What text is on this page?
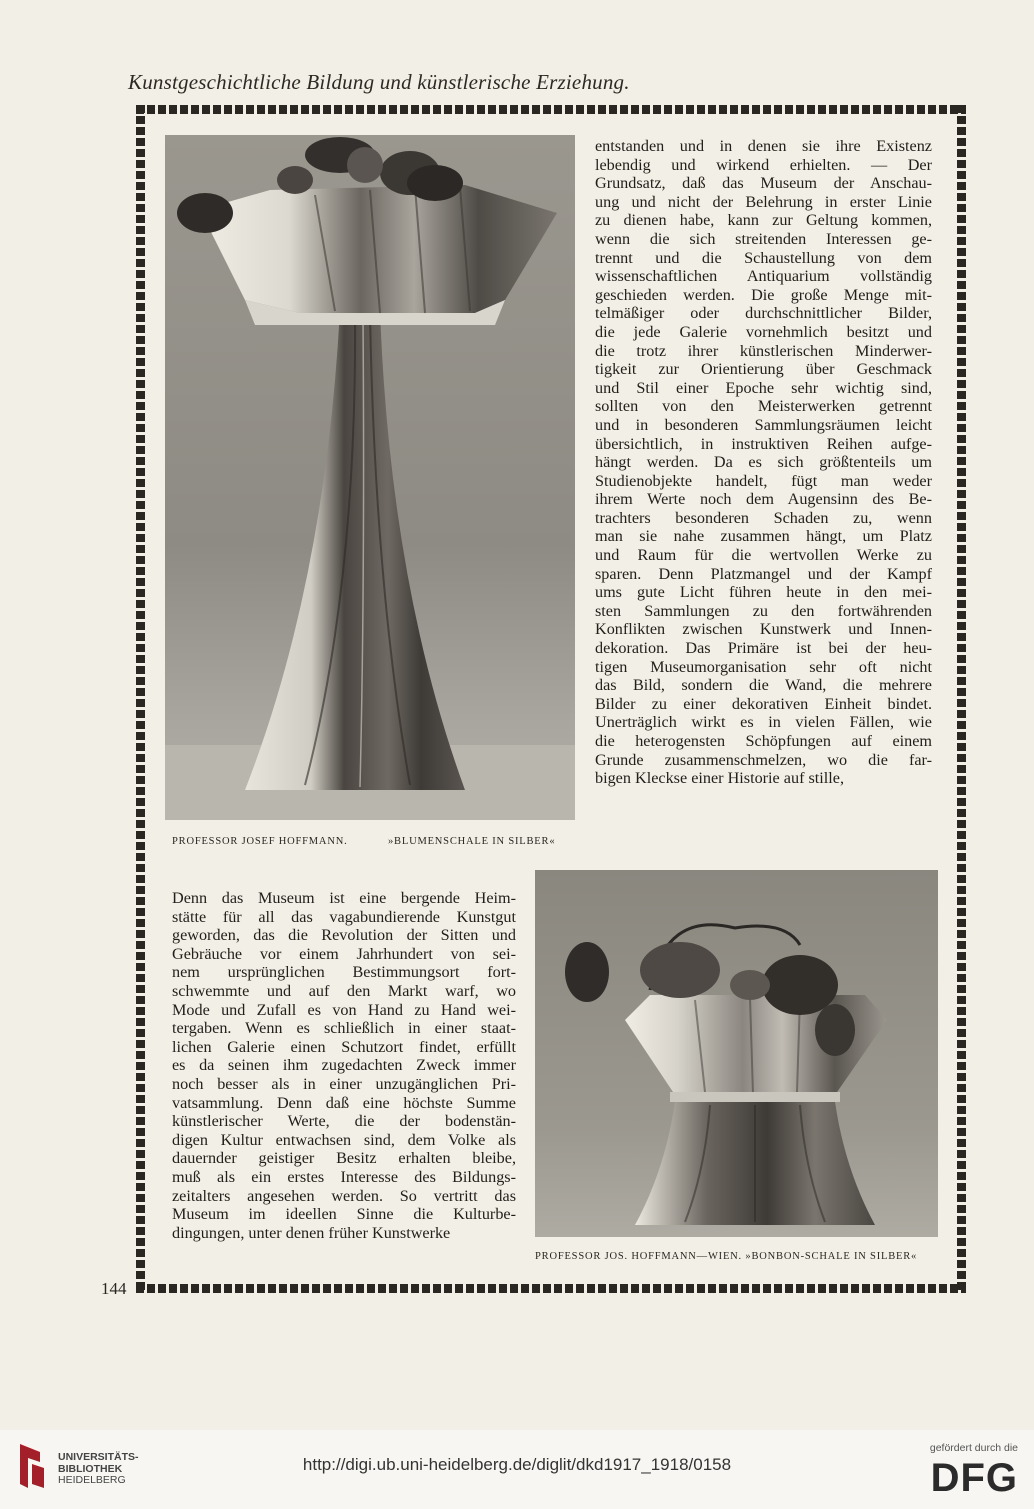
Kunstgeschichtliche Bildung und künstlerische Erziehung.
PROFESSOR JOSEF HOFFMANN.	»BLUMENSCHALE IN SILBER«
entstanden und in denen sie ihre Existenz
lebendig und wirkend erhielten. — Der
Grundsatz, daß das Museum der Anschau-
ung und nicht der Belehrung in erster Linie
zu dienen habe, kann zur Geltung kommen,
wenn die sich streitenden Interessen ge-
trennt und die Schaustellung von dem
wissenschaftlichen Antiquarium vollständig
geschieden werden. Die große Menge mit-
telmäßiger oder durchschnittlicher Bilder,
die jede Galerie vornehmlich besitzt und
die trotz ihrer künstlerischen Minderwer-
tigkeit zur Orientierung über Geschmack
und Stil einer Epoche sehr wichtig sind,
sollten von den Meisterwerken getrennt
und in besonderen Sammlungsräumen leicht
übersichtlich, in instruktiven Reihen aufge-
hängt werden. Da es sich größtenteils um
Studienobjekte handelt, fügt man weder
ihrem Werte noch dem Augensinn des Be-
trachters besonderen Schaden zu, wenn
man sie nahe zusammen hängt, um Platz
und Raum für die wertvollen Werke zu
sparen. Denn Platzmangel und der Kampf
ums gute Licht führen heute in den mei-
sten Sammlungen zu den fortwährenden
Konflikten zwischen Kunstwerk und Innen-
dekoration. Das Primäre ist bei der heu-
tigen Museumorganisation sehr oft nicht
das Bild, sondern die Wand, die mehrere
Bilder zu einer dekorativen Einheit bindet.
Unerträglich wirkt es in vielen Fällen, wie
die heterogensten Schöpfungen auf einem
Grunde zusammenschmelzen, wo die far-
bigen Kleckse einer Historie auf stille,
Denn das Museum ist eine bergende Heim-
stätte für all das vagabundierende Kunstgut
geworden, das die Revolution der Sitten und
Gebräuche vor einem Jahrhundert von sei-
nem ursprünglichen Bestimmungsort fort-
schwemmte und auf den Markt warf, wo
Mode und Zufall es von Hand zu Hand wei-
tergaben. Wenn es schließlich in einer staat-
lichen Galerie einen Schutzort findet, erfüllt
es da seinen ihm zugedachten Zweck immer
noch besser als in einer unzugänglichen Pri-
vatsammlung. Denn daß eine höchste Summe
künstlerischer Werte, die der bodenstän-
digen Kultur entwachsen sind, dem Volke als
dauernder geistiger Besitz erhalten bleibe,
muß als ein erstes Interesse des Bildungs-
zeitalters angesehen werden. So vertritt das
Museum im ideellen Sinne die Kulturbe-
dingungen, unter denen früher Kunstwerke
PROFESSOR JOS. HOFFMANN—WIEN. »BONBON-SCHALE IN SILBER«
144
UNIVERSITÄTS-
BIBLIOTHEK
HEIDELBERG
http://digi.ub.uni-heidelberg.de/diglit/dkd1917_1918/0158
gefördert durch die
DFG
